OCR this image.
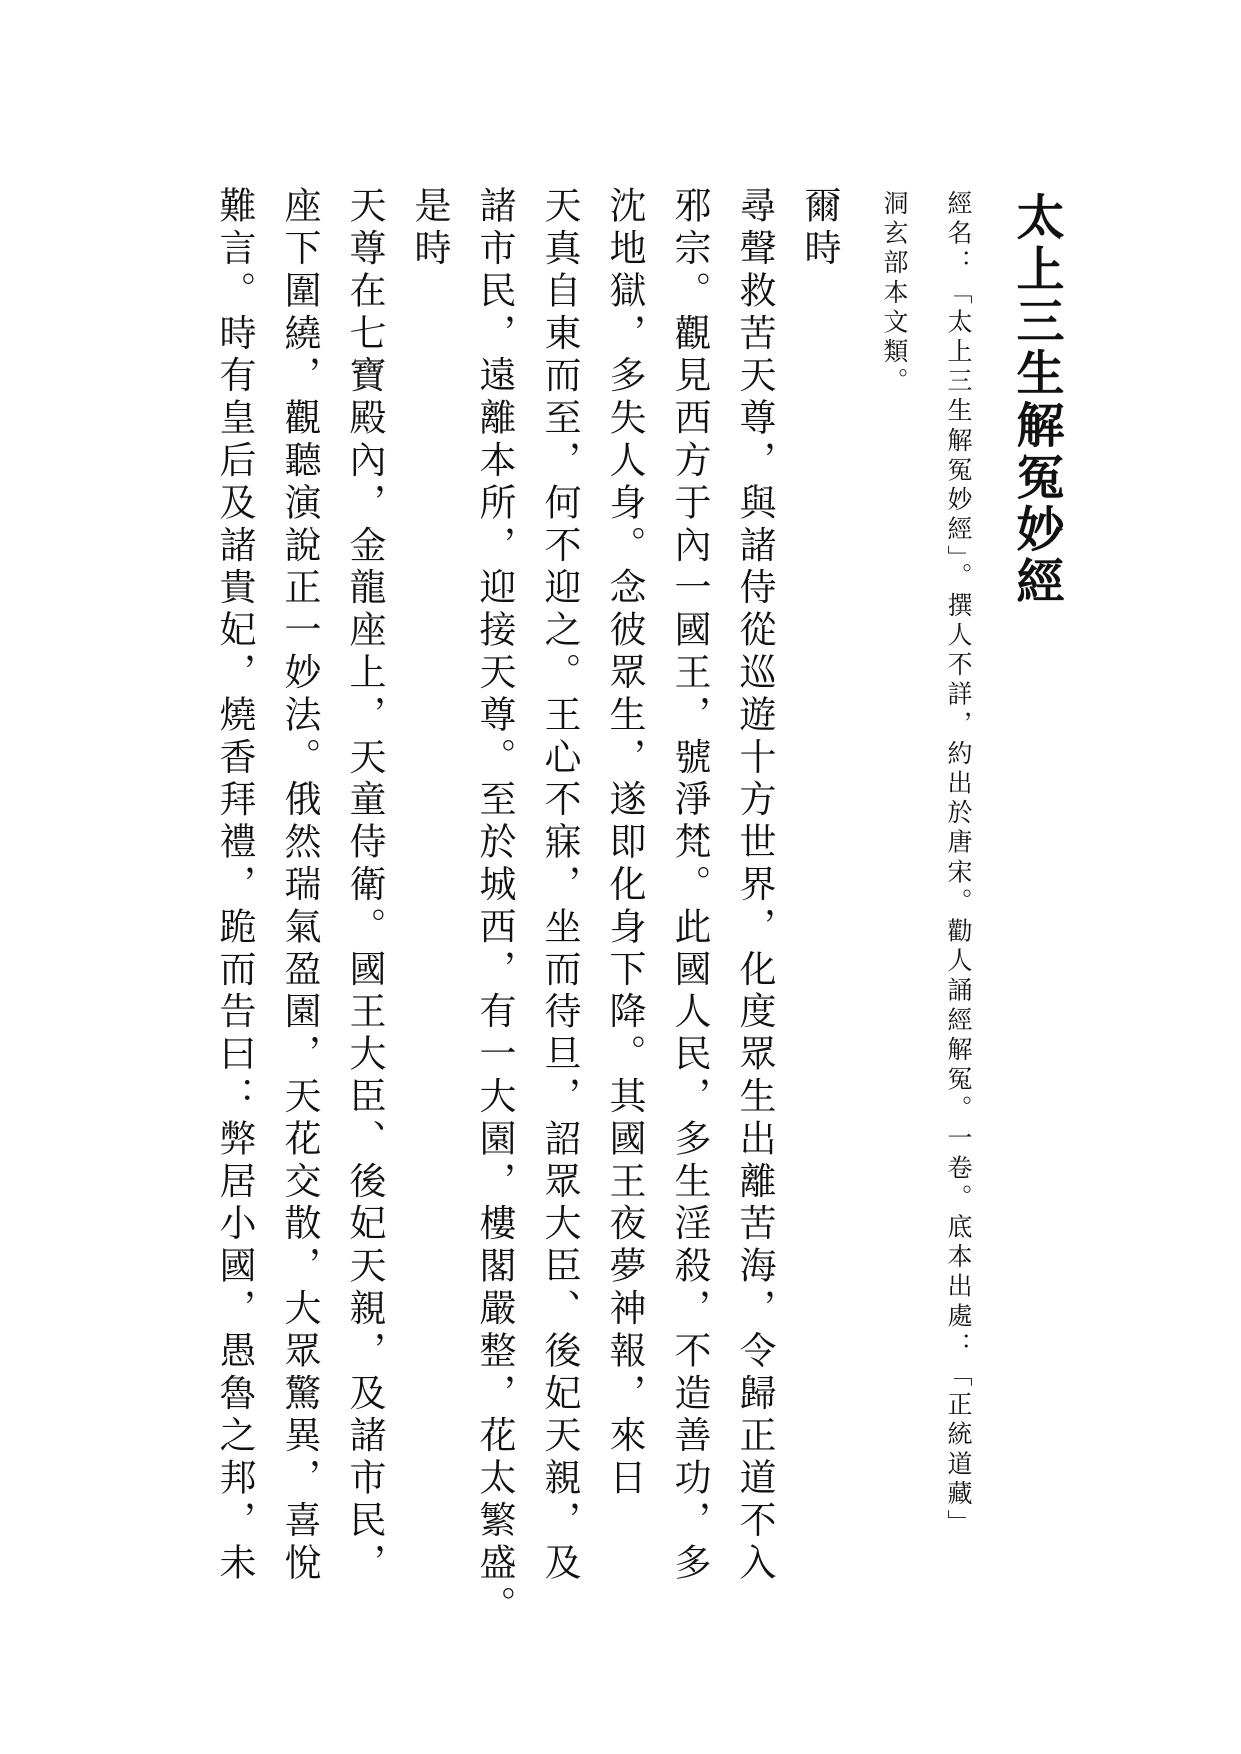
太上三生解冤妙經
經名：「太上三生解冤妙經」。撰人不詳，約出於唐宋。勸人誦經解冤。一卷。底本出處：「正統道藏」
洞玄部本文類。
爾時
尋聲救苦天尊，與諸侍從巡遊十方世界，化度眾生出離苦海，令歸正道不入
邪宗。觀見西方于內一國王，號淨梵。此國人民，多生淫殺，不造善功，多
沈地獄，多失人身。念彼眾生，遂即化身下降。其國王夜夢神報，來日
天真自東而至，何不迎之。王心不寐，坐而待旦，詔眾大臣、後妃天親，及
諸市民，遠離本所，迎接天尊。至於城西，有一大園，樓閣嚴整，花太繁盛。
是時
天尊在七寶殿內，金龍座上，天童侍衛。國王大臣、後妃天親，及諸市民，
座下圍繞，觀聽演說正一妙法。俄然瑞氣盈園，天花交散，大眾驚異，喜悅
難言。時有皇后及諸貴妃，燒香拜禮，跪而告曰：弊居小國，愚魯之邦，未
